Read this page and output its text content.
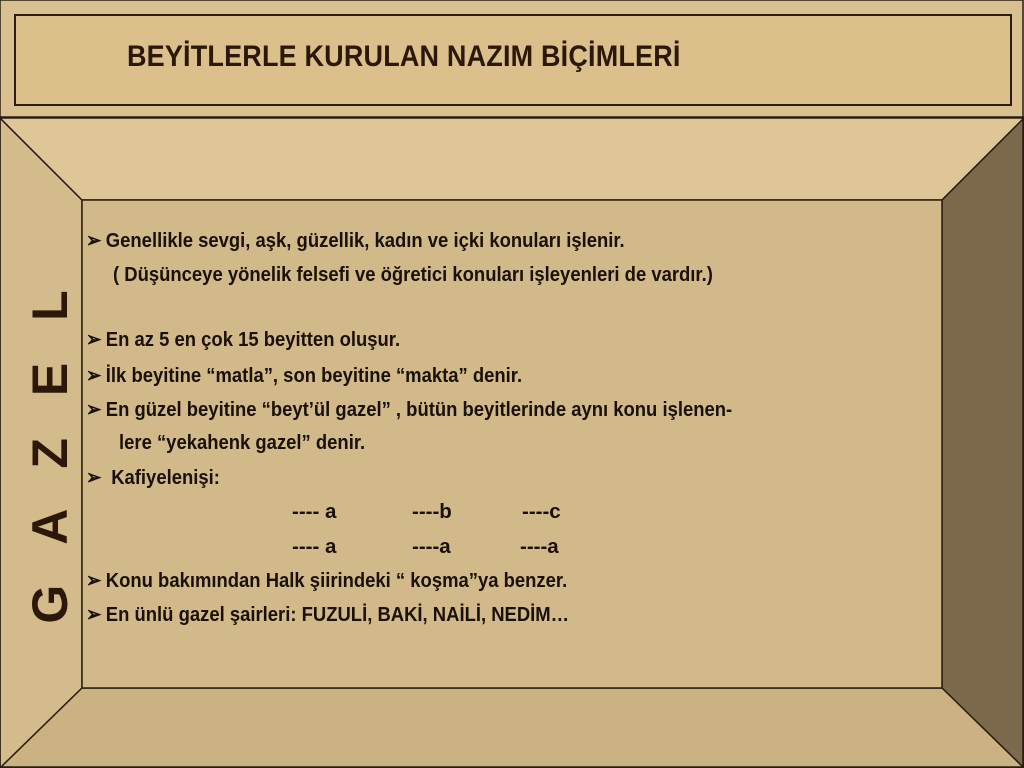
BEYİTLERLE KURULAN NAZIM BİÇİMLERİ
G A Z E L
➢ Genellikle sevgi, aşk, güzellik, kadın ve içki konuları işlenir.
( Düşünceye yönelik felsefi ve öğretici konuları işleyenleri de vardır.)
➢ En az 5 en çok 15 beyitten oluşur.
➢ İlk beyitine “matla”, son beyitine “makta” denir.
➢ En güzel beyitine “beyt’ül gazel” , bütün beyitlerinde aynı konu işlenen-
lere “yekahenk gazel” denir.
➢ Kafiyelenişi:
---- a	----b	----c
---- a	----a	----a
➢ Konu bakımından Halk şiirindeki “ koşma”ya benzer.
➢ En ünlü gazel şairleri: FUZULİ, BAKİ, NAİLİ, NEDİM…
